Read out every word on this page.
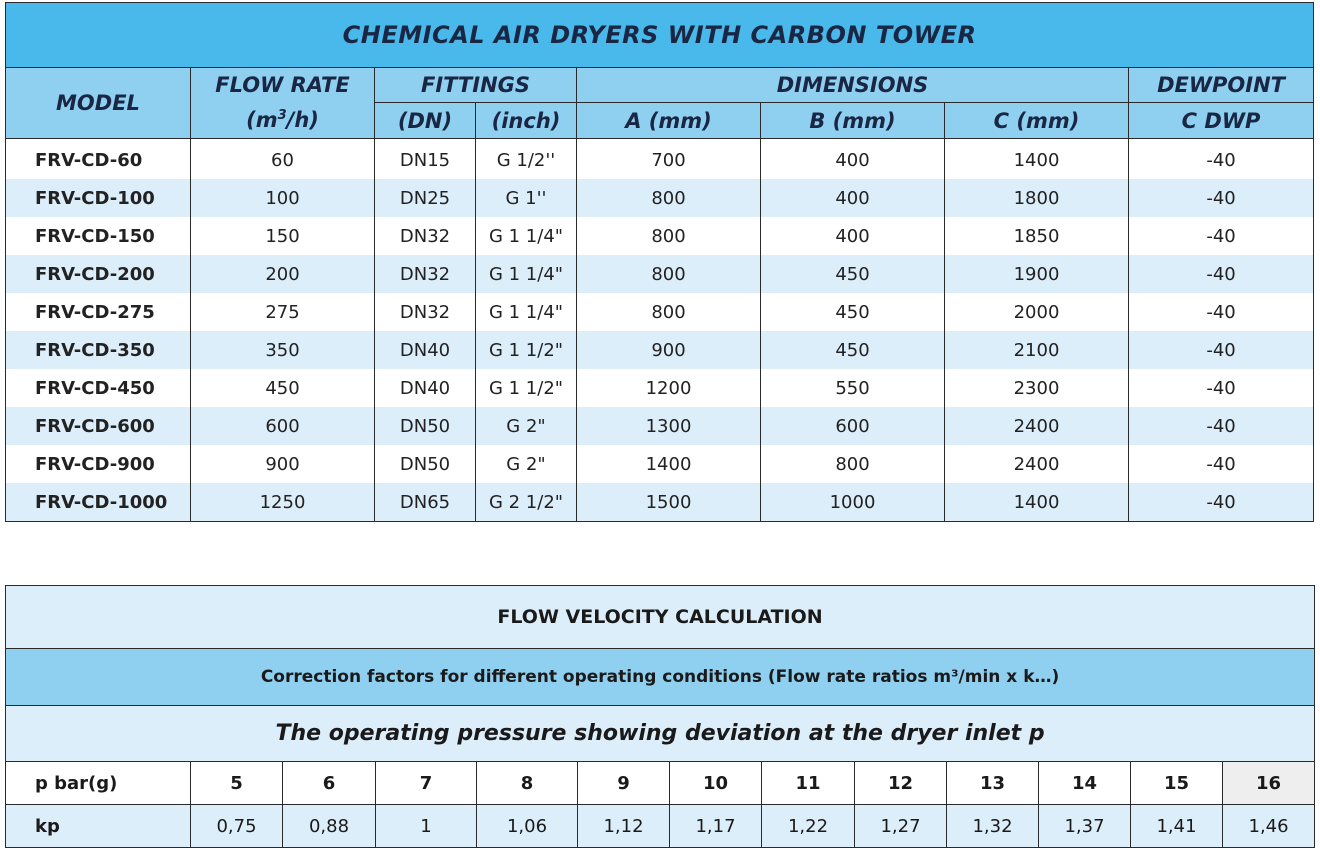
CHEMICAL AIR DRYERS WITH CARBON TOWER							
MODEL	FLOW RATE	FITTINGS		DIMENSIONS			DEWPOINT
	$(m^3/h)$	(DN)	(inch)	A (mm)	B (mm)	C (mm)	C DWP
FRV-CD-60	60	DN15	G 1/2''	700	400	1400	-40
FRV-CD-100	100	DN25	G 1''	800	400	1800	-40
FRV-CD-150	150	DN32	G 1 1/4"	800	400	1850	-40
FRV-CD-200	200	DN32	G 1 1/4"	800	450	1900	-40
FRV-CD-275	275	DN32	G 1 1/4"	800	450	2000	-40
FRV-CD-350	350	DN40	G 1 1/2"	900	450	2100	-40
FRV-CD-450	450	DN40	G 1 1/2"	1200	550	2300	-40
FRV-CD-600	600	DN50	G 2"	1300	600	2400	-40
FRV-CD-900	900	DN50	G 2"	1400	800	2400	-40
FRV-CD-1000	1250	DN65	G 2 1/2"	1500	1000	1400	-40
FLOW VELOCITY CALCULATION												
Correction factors for different operating conditions (Flow rate ratios m³/min x k…)												
The operating pressure showing deviation at the dryer inlet p												
p bar(g)	5	6	7	8	9	10	11	12	13	14	15	16
kp	0,75	0,88	1	1,06	1,12	1,17	1,22	1,27	1,32	1,37	1,41	1,46
